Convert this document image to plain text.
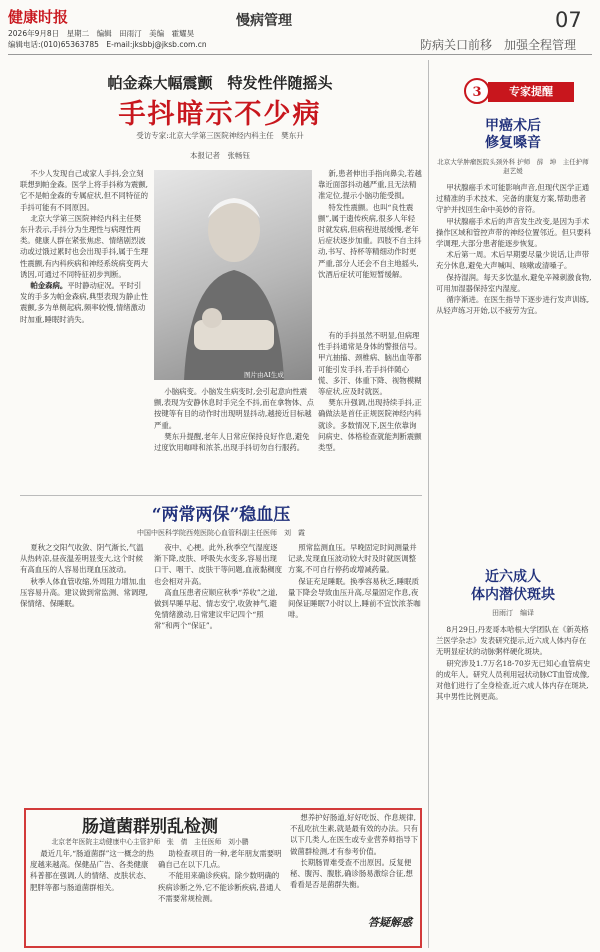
健康时报
2026年9月8日　星期二　编辑　田雨汀　美编　霍耀昊
编辑电话:(010)65363785　E-mail:jksbbj@jksb.com.cn
慢病管理	07
防病关口前移　加强全程管理
帕金森大幅震颤　特发性伴随摇头
手抖暗示不少病
受访专家:北京大学第三医院神经内科主任　樊东升
本报记者　张畅钰

不少人发现自己或家人手抖,会立刻联想到帕金森。医学上将手抖称为震颤,它不是帕金森的专属症状,但不同特征的手抖可能有不同原因。

北京大学第三医院神经内科主任樊东升表示,手抖分为生理性与病理性两类。健康人群在紧张焦虑、情绪剧烈波动或过饿过累时也会出现手抖,属于生理性震颤,有内科疾病和神经系统病变两大诱因,可通过不同特征初步判断。

帕金森病。平时静动症况。平时引发的手多为帕金森病,典型表现为静止性震颤,多为单侧起病,频率较慢,情绪激动时加重,睡眠时消失。

图片由AI生成

小脑病变。小脑发生病变时,会引起意向性震颤,表现为安静休息时手完全不抖,而在拿物体、点按键等有目的动作时出现明显抖动,越接近目标越严重。

樊东升提醒,老年人日常应保持良好作息,避免过度饮用咖啡和浓茶,出现手抖切勿自行服药。

新,患者伸出手指向鼻尖,若越靠近面部抖动越严重,且无法精准定位,提示小脑功能受损。

特发性震颤。也叫“良性震颤”,属于遗传疾病,很多人年轻时就发病,但病程进展缓慢,老年后症状逐步加重。四肢不自主抖动,书写、持杯等精细动作时更严重,部分人还会不自主地摇头,饮酒后症状可能短暂缓解。

有的手抖虽然不明显,但病理性手抖通常是身体的警报信号。甲亢抽搐、颈椎病、脑出血等都可能引发手抖,若手抖伴随心慌、多汗、体重下降、视物模糊等症状,应及时就医。

樊东升强调,出现持续手抖,正确做法是首任正规医院神经内科就诊。多数情况下,医生依靠询问病史、体格检查就能判断震颤类型。

“两常两保”稳血压
中国中医科学院西苑医院心血管科副主任医师　刘　霞

夏秋之交阳气收敛、阴气渐长,气温从热转凉,昼夜温差明显变大,这个时候有高血压的人容易出现血压波动。

秋季人体血管收缩,外周阻力增加,血压容易升高。建议做到常监测、常调理,保情绪、保睡眠。

夜中、心梗。此外,秋季空气湿度逐渐下降,皮肤、呼吸失水变多,容易出现口干、咽干、皮肤干等问题,血液黏稠度也会相对升高。

高血压患者应顺应秋季“养收”之道,做到早睡早起、情志安宁,收敛神气,避免情绪激动,日常建议牢记四个“照常”和两个“保证”。

照常监测血压。早晚固定时间测量并记录,发现血压波动较大时及时就医调整方案,不可自行停药或增减药量。

保证充足睡眠。换季容易秋乏,睡眠质量下降会导致血压升高,尽量固定作息,夜间保证睡眠7小时以上,睡前不宜饮浓茶咖啡。

肠道菌群别乱检测
北京老年医院主动健康中心主管护师　张　倩　主任医师　刘小鹏

最近几年,“肠道菌群”这一概念的热度越来越高。保健品广告、各类健康科普都在强调,人的情绪、皮肤状态、肥胖等都与肠道菌群相关。

助检查项目的一种,老年朋友需要明确自己在以下几点。

不能用来确诊疾病。除少数明确的疾病诊断之外,它不能诊断疾病,普通人不需要常规检测。

想养护好肠道,好好吃饭、作息规律,不乱吃抗生素,就是最有效的办法。只有以下几类人,在医生或专业营养师指导下做菌群检测,才有参考价值。

长期肠胃难受查不出原因。反复便秘、腹泻、腹胀,确诊肠易激综合征,想看看是否是菌群失衡。

答疑解惑
3	专家提醒
甲癌术后
修复嗓音
北京大学肿瘤医院头颈外科 护师　薛　坤　主任护师　赵艺媛

甲状腺癌手术可能影响声音,但现代医学正通过精准的手术技术、完备的康复方案,帮助患者守护并找回生命中美妙的音符。

甲状腺癌手术后的声音发生改变,是因为手术操作区域和管控声带的神经位置邻近。但只要科学调理,大部分患者能逐步恢复。

术后第一周。术后早期要尽量少说话,让声带充分休息,避免大声喊叫、咳嗽或清嗓子。

保持湿润。每天多饮温水,避免辛辣刺激食物,可用加湿器保持室内湿度。

循序渐进。在医生指导下逐步进行发声训练,从轻声练习开始,以不疲劳为宜。

近六成人
体内潜伏斑块
田雨汀　编译

8月29日,丹麦哥本哈根大学团队在《新英格兰医学杂志》发表研究提示,近六成人体内存在无明显症状的动脉粥样硬化斑块。

研究涉及1.7万名18-70岁无已知心血管病史的成年人。研究人员利用冠状动脉CT血管成像,对他们进行了全身检查,近六成人体内存在斑块,其中男性比例更高。
